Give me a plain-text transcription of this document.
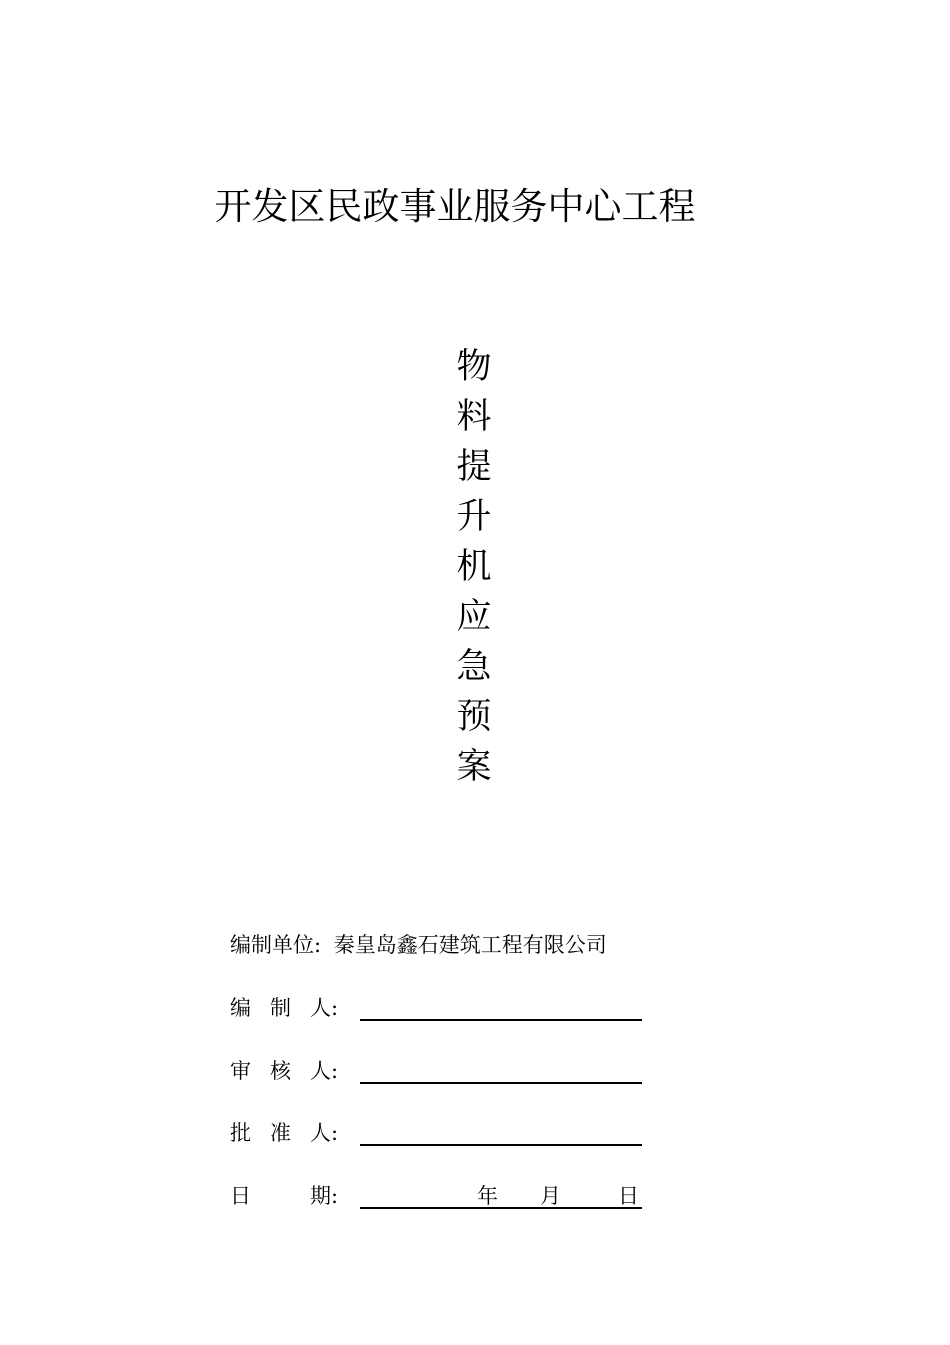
开发区民政事业服务中心工程
物
料
提
升
机
应
急
预
案
编制单位: 秦皇岛鑫石建筑工程有限公司
编 制 人:
审 核 人:
批 准 人:
日	期:	年 月	日
